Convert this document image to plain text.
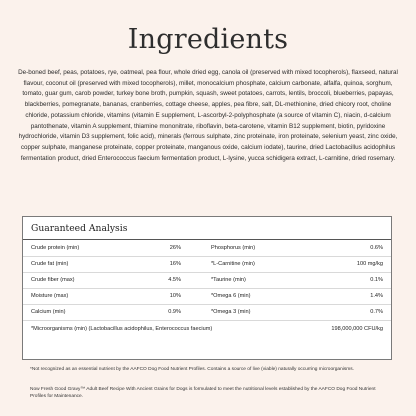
Ingredients
De-boned beef, peas, potatoes, rye, oatmeal, pea flour, whole dried egg, canola oil (preserved with mixed tocopherols), flaxseed, natural flavour, coconut oil (preserved with mixed tocopherols), millet, monocalcium phosphate, calcium carbonate, alfalfa, quinoa, sorghum, tomato, guar gum, carob powder, turkey bone broth, pumpkin, squash, sweet potatoes, carrots, lentils, broccoli, blueberries, papayas, blackberries, pomegranate, bananas, cranberries, cottage cheese, apples, pea fibre, salt, DL-methionine, dried chicory root, choline chloride, potassium chloride, vitamins (vitamin E supplement, L-ascorbyl-2-polyphosphate (a source of vitamin C), niacin, d-calcium pantothenate, vitamin A supplement, thiamine mononitrate, riboflavin, beta-carotene, vitamin B12 supplement, biotin, pyridoxine hydrochloride, vitamin D3 supplement, folic acid), minerals (ferrous sulphate, zinc proteinate, iron proteinate, selenium yeast, zinc oxide, copper sulphate, manganese proteinate, copper proteinate, manganous oxide, calcium iodate), taurine, dried Lactobacillus acidophilus fermentation product, dried Enterococcus faecium fermentation product, L-lysine, yucca schidigera extract, L-carnitine, dried rosemary.
Guaranteed Analysis
Crude protein (min)	26%	Phosphorus (min)	0.6%
Crude fat (min)	16%	*L-Carnitine (min)	100 mg/kg
Crude fiber (max)	4.5%	*Taurine (min)	0.1%
Moisture (max)	10%	*Omega 6 (min)	1.4%
Calcium (min)	0.9%	*Omega 3 (min)	0.7%
*Microorganisms (min) (Lactobacillus acidophilus, Enterococcus faecium)	198,000,000 CFU/kg
*Not recognized as an essential nutrient by the AAFCO Dog Food Nutrient Profiles. Contains a source of live (viable) naturally occurring microorganisms.
Now Fresh Good Gravy™ Adult Beef Recipe With Ancient Grains for Dogs is formulated to meet the nutritional levels established by the AAFCO Dog Food Nutrient Profiles for Maintenance.
